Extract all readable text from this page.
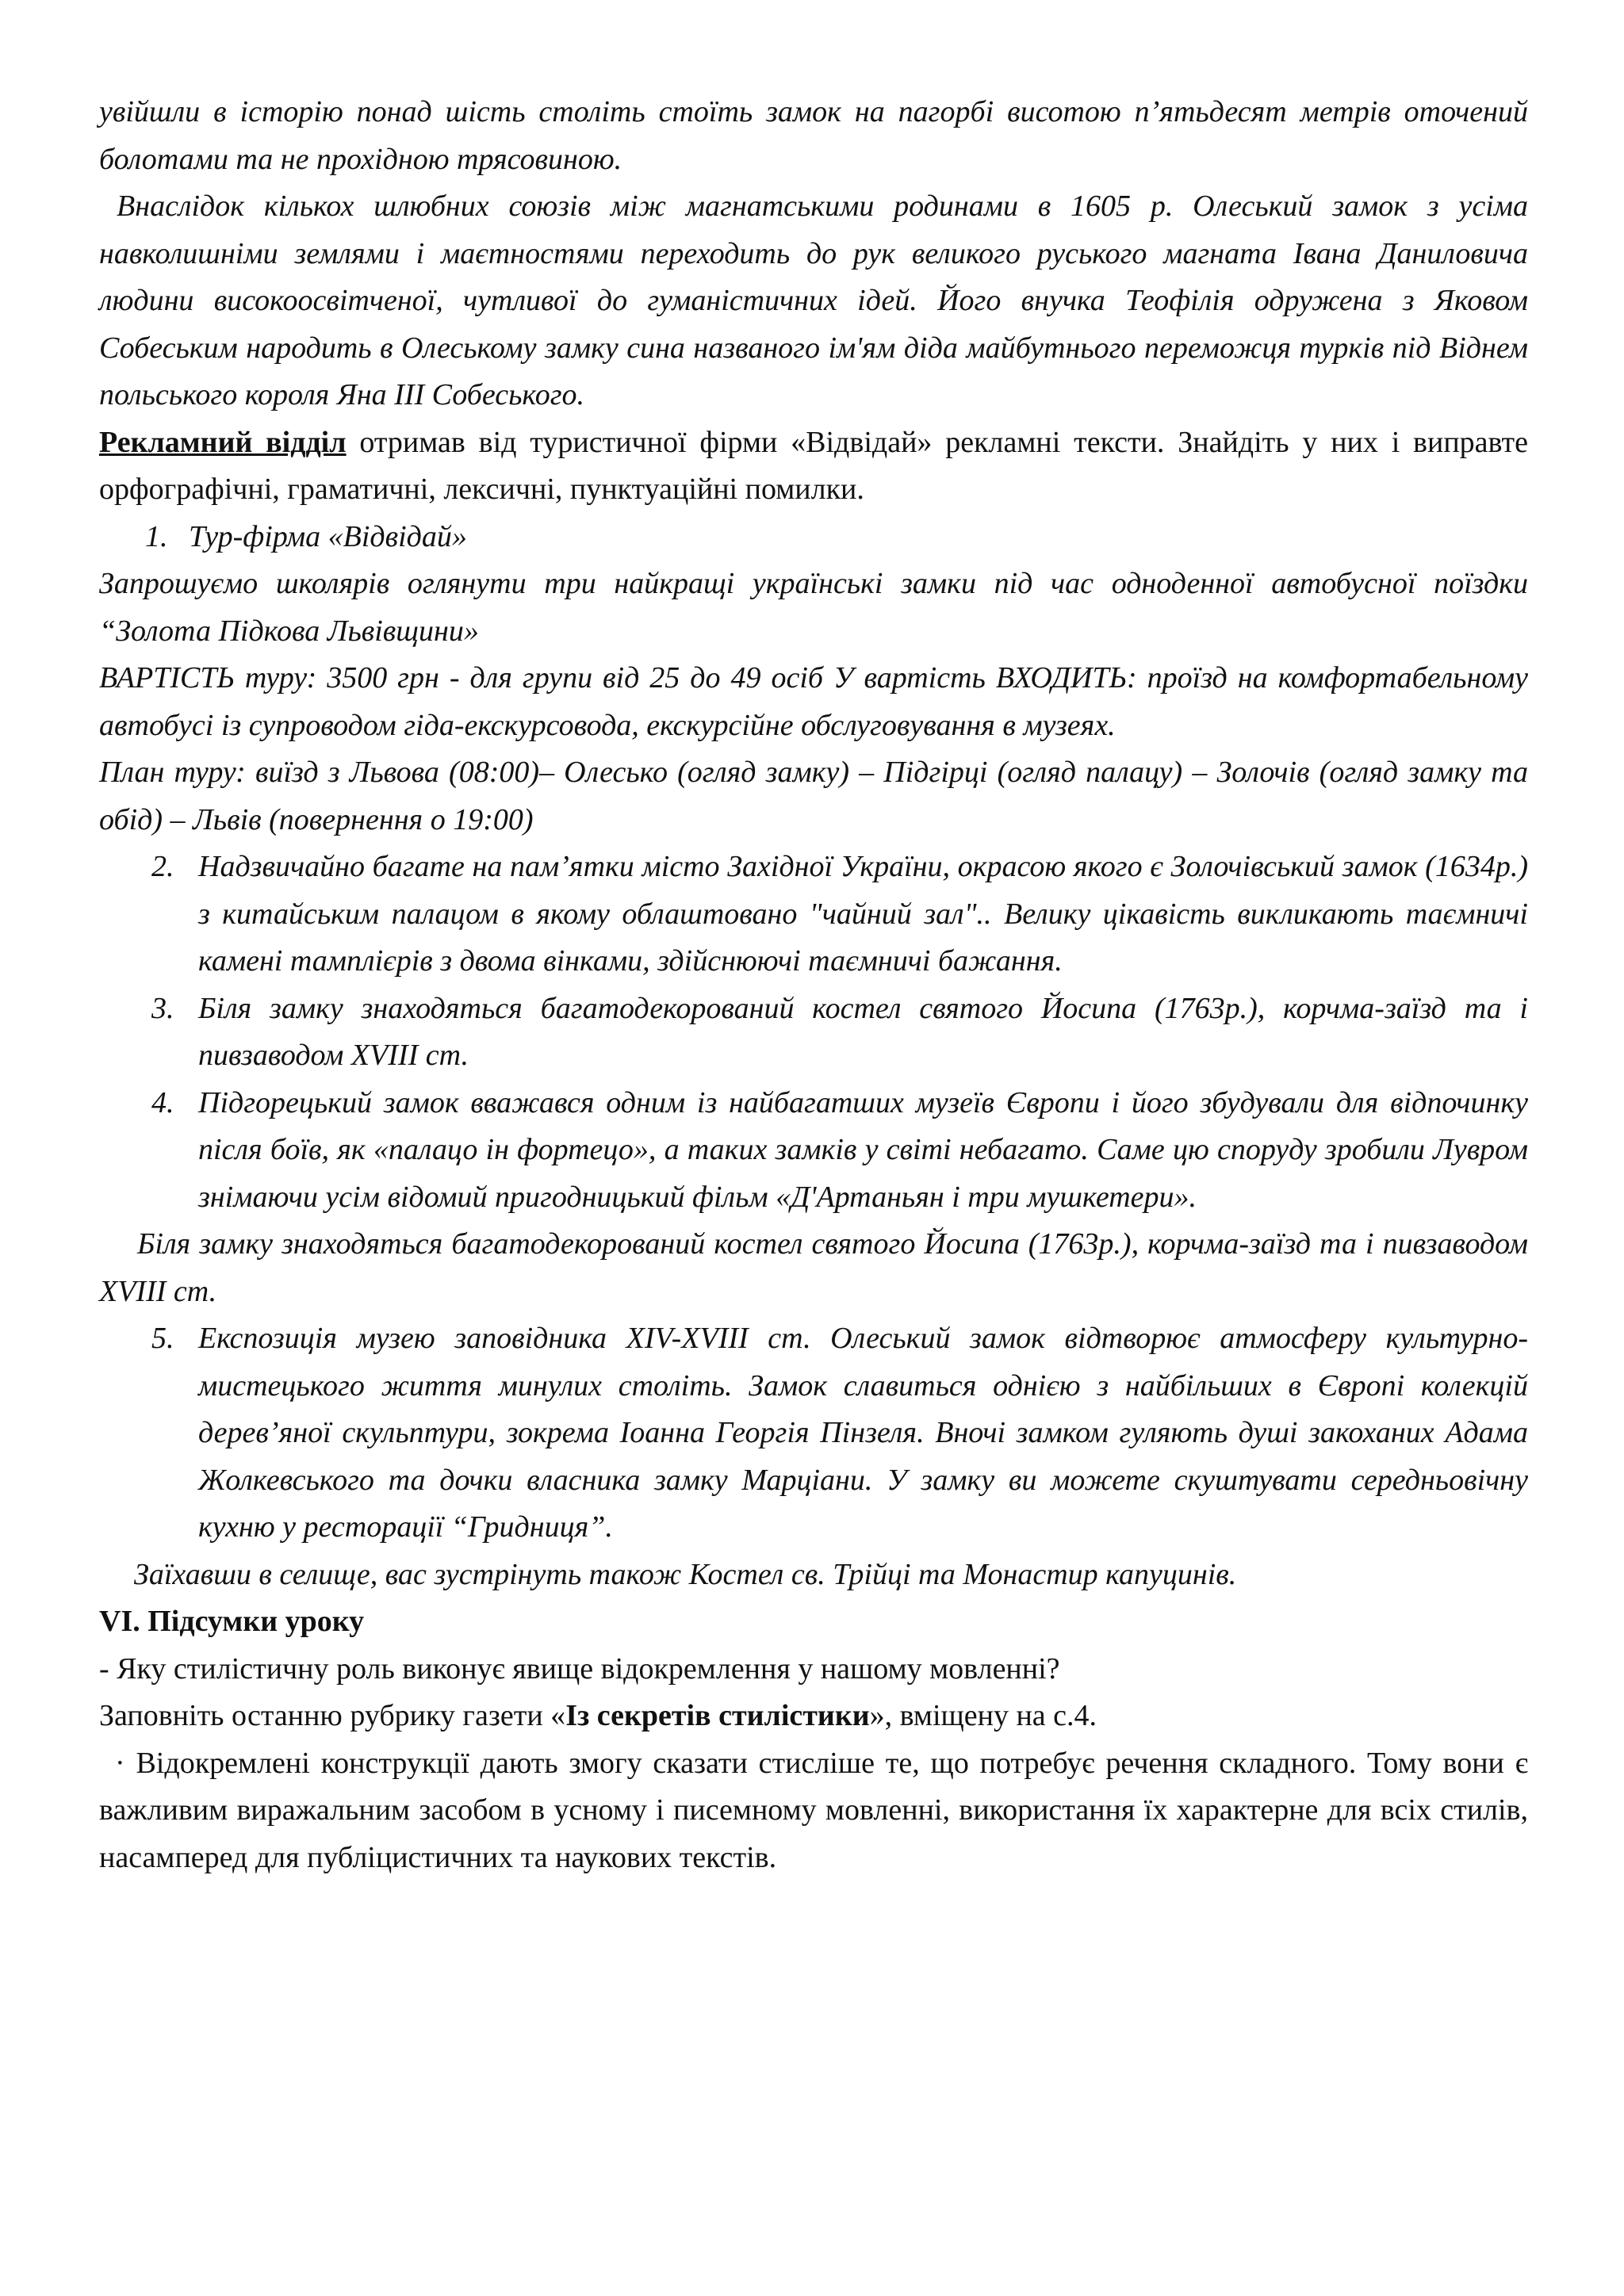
увійшли в історію понад шість століть стоїть замок на пагорбі висотою п’ятьдесят метрів оточений болотами та не прохідною трясовиною.

Внаслідок кількох шлюбних союзів між магнатськими родинами в 1605 р. Олеський замок з усіма навколишніми землями і маєтностями переходить до рук великого руського магната Івана Даниловича людини високоосвітченої, чутливої до гуманістичних ідей. Його внучка Теофілія одружена з Яковом Собеським народить в Олеському замку сина названого ім'ям діда майбутнього переможця турків під Віднем польського короля Яна ІІІ Собеського.

Рекламний відділ отримав від туристичної фірми «Відвідай» рекламні тексти. Знайдіть у них і виправте орфографічні, граматичні, лексичні, пунктуаційні помилки.

1. Тур-фірма «Відвідай»

Запрошуємо школярів оглянути три найкращі українські замки під час одноденної автобусної поїздки “Золота Підкова Львівщини»

ВАРТІСТЬ туру: 3500 грн - для групи від 25 до 49 осіб У вартість ВХОДИТЬ: проїзд на комфортабельному автобусі із супроводом гіда-екскурсовода, екскурсійне обслуговування в музеях.

План туру: виїзд з Львова (08:00)– Олесько (огляд замку) – Підгірці (огляд палацу) – Золочів (огляд замку та обід) – Львів (повернення о 19:00)

2. Надзвичайно багате на пам’ятки місто Західної України, окрасою якого є Золочівський замок (1634р.) з китайським палацом в якому облаштовано "чайний зал".. Велику цікавість викликають таємничі камені тамплієрів з двома вінками, здійснюючі таємничі бажання.
3. Біля замку знаходяться багатодекорований костел святого Йосипа (1763р.), корчма-заїзд та і пивзаводом XVIII ст.
4. Підгорецький замок вважався одним із найбагатших музеїв Європи і його збудували для відпочинку після боїв, як «палацо ін фортецо», а таких замків у світі небагато. Саме цю споруду зробили Лувром знімаючи усім відомий пригодницький фільм «Д'Артаньян і три мушкетери».

Біля замку знаходяться багатодекорований костел святого Йосипа (1763р.), корчма-заїзд та і пивзаводом XVIII ст.

5. Експозиція музею заповідника XIV-XVIII ст. Олеський замок відтворює атмосферу культурно-мистецького життя минулих століть. Замок славиться однією з найбільших в Європі колекцій дерев’яної скульптури, зокрема Іоанна Георгія Пінзеля. Вночі замком гуляють душі закоханих Адама Жолкевського та дочки власника замку Марціани. У замку ви можете скуштувати середньовічну кухню у ресторації “Гридниця”.

Заїхавши в селище, вас зустрінуть також Костел св. Трійці та Монастир капуцинів.

VI. Підсумки уроку

- Яку стилістичну роль виконує явище відокремлення у нашому мовленні?

Заповніть останню рубрику газети «Із секретів стилістики», вміщену на с.4.

· Відокремлені конструкції дають змогу сказати стисліше те, що потребує речення складного. Тому вони є важливим виражальним засобом в усному і писемному мовленні, використання їх характерне для всіх стилів, насамперед для публіцистичних та наукових текстів.
